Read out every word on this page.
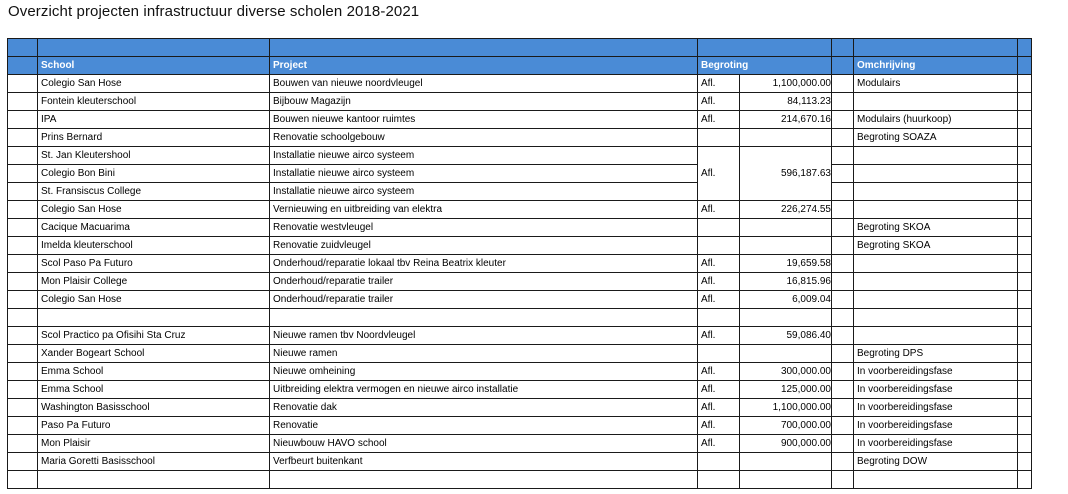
Overzicht projecten infrastructuur diverse scholen 2018-2021

	School	Project	Begroting			Omchrijving	
	Colegio San Hose	Bouwen van nieuwe noordvleugel	Afl.	1,100,000.00		Modulairs	
	Fontein kleuterschool	Bijbouw Magazijn	Afl.	84,113.23			
	IPA	Bouwen nieuwe kantoor ruimtes	Afl.	214,670.16		Modulairs (huurkoop)	
	Prins Bernard	Renovatie schoolgebouw				Begroting SOAZA	
	St. Jan Kleutershool	Installatie nieuwe airco systeem	Afl.	596,187.63			
	Colegio Bon Bini	Installatie nieuwe airco systeem					
	St. Fransiscus College	Installatie nieuwe airco systeem					
	Colegio San Hose	Vernieuwing en uitbreiding van elektra	Afl.	226,274.55			
	Cacique Macuarima	Renovatie westvleugel				Begroting SKOA	
	Imelda kleuterschool	Renovatie zuidvleugel				Begroting SKOA	
	Scol Paso Pa Futuro	Onderhoud/reparatie lokaal tbv Reina Beatrix kleuter	Afl.	19,659.58			
	Mon Plaisir College	Onderhoud/reparatie trailer	Afl.	16,815.96			
	Colegio San Hose	Onderhoud/reparatie trailer	Afl.	6,009.04			

	Scol Practico pa Ofisihi Sta Cruz	Nieuwe ramen tbv Noordvleugel	Afl.	59,086.40			
	Xander Bogeart School	Nieuwe ramen				Begroting DPS	
	Emma School	Nieuwe omheining	Afl.	300,000.00		In voorbereidingsfase	
	Emma School	Uitbreiding elektra vermogen en nieuwe airco installatie	Afl.	125,000.00		In voorbereidingsfase	
	Washington Basisschool	Renovatie dak	Afl.	1,100,000.00		In voorbereidingsfase	
	Paso Pa Futuro	Renovatie	Afl.	700,000.00		In voorbereidingsfase	
	Mon Plaisir	Nieuwbouw HAVO school	Afl.	900,000.00		In voorbereidingsfase	
	Maria Goretti Basisschool	Verfbeurt buitenkant				Begroting DOW	
